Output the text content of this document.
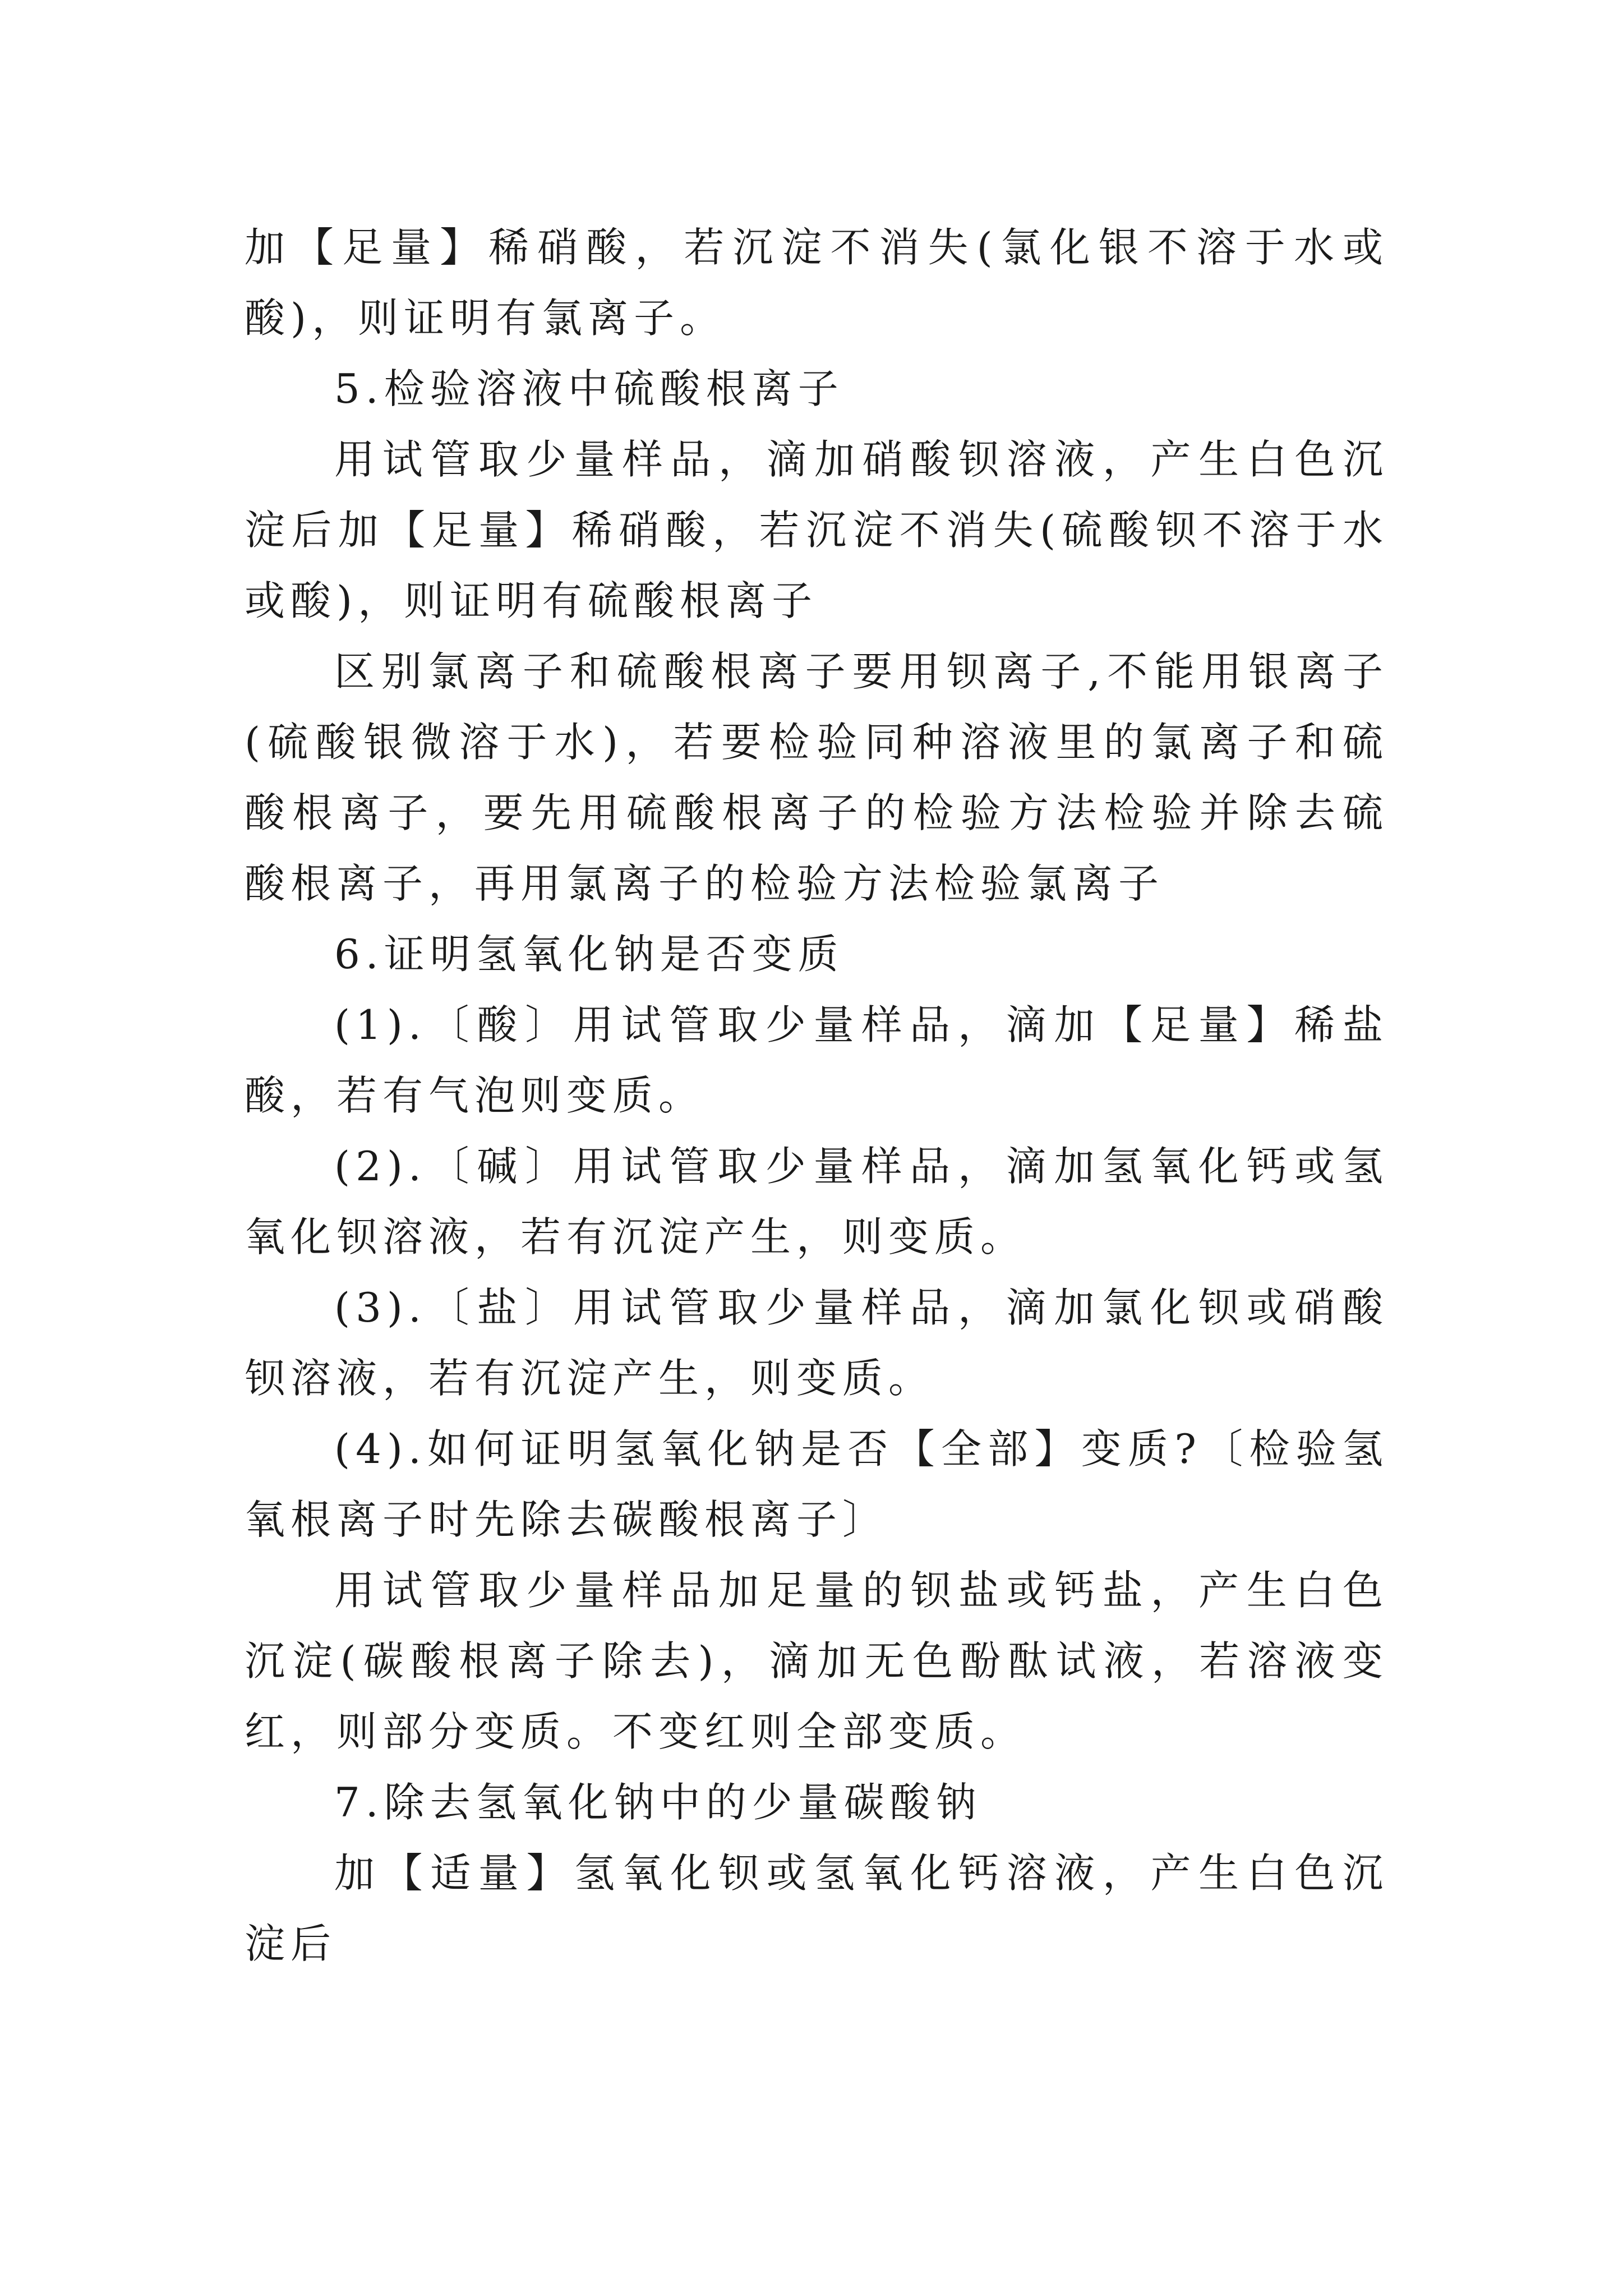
加【足量】稀硝酸，若沉淀不消失(氯化银不溶于水或酸)，则证明有氯离子。

5.检验溶液中硫酸根离子

用试管取少量样品，滴加硝酸钡溶液，产生白色沉淀后加【足量】稀硝酸，若沉淀不消失(硫酸钡不溶于水或酸)，则证明有硫酸根离子

区别氯离子和硫酸根离子要用钡离子,不能用银离子(硫酸银微溶于水)，若要检验同种溶液里的氯离子和硫酸根离子，要先用硫酸根离子的检验方法检验并除去硫酸根离子，再用氯离子的检验方法检验氯离子

6.证明氢氧化钠是否变质

(1).〔酸〕用试管取少量样品，滴加【足量】稀盐酸，若有气泡则变质。

(2).〔碱〕用试管取少量样品，滴加氢氧化钙或氢氧化钡溶液，若有沉淀产生，则变质。

(3).〔盐〕用试管取少量样品，滴加氯化钡或硝酸钡溶液，若有沉淀产生，则变质。

(4).如何证明氢氧化钠是否【全部】变质?〔检验氢氧根离子时先除去碳酸根离子〕

用试管取少量样品加足量的钡盐或钙盐，产生白色沉淀(碳酸根离子除去)，滴加无色酚酞试液，若溶液变红，则部分变质。不变红则全部变质。

7.除去氢氧化钠中的少量碳酸钠

加【适量】氢氧化钡或氢氧化钙溶液，产生白色沉淀后
